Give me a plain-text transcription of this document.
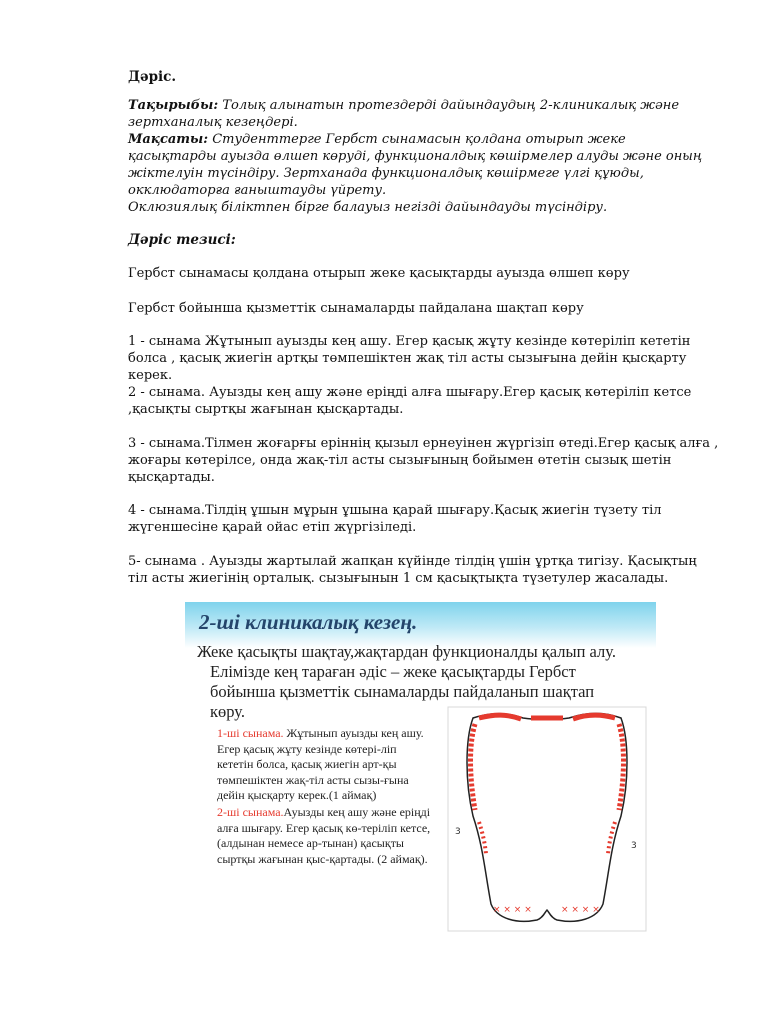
Дәріс.

Тақырыбы: Толық алынатын протездерді дайындаудың 2-клиникалық және зертханалық кезеңдері.

Мақсаты: Студенттерге Гербст сынамасын қолдана отырып жеке қасықтарды ауызда өлшеп көруді, функционалдық көшірмелер алуды және оның жіктелуін түсіндіру. Зертханада функционалдық көшірмеге үлгі құюды, окклюдаторға ғаныштауды үйрету.

Оклюзиялық біліктпен бірге балауыз негізді дайындауды түсіндіру.

Дәріс тезисі:

Гербст сынамасы қолдана отырып жеке қасықтарды ауызда өлшеп көру

Гербст бойынша қызметтік сынамаларды пайдалана шақтап көру

1 - сынама Жұтынып ауызды кең ашу. Егер қасық жұту кезінде көтеріліп кететін болса , қасық жиегін артқы төмпешіктен жақ тіл асты сызығына дейін қысқарту керек.

2 - сынама. Ауызды кең ашу және еріңді алға шығару.Егер қасық көтеріліп кетсе ,қасықты сыртқы жағынан қысқартады.

3 - сынама.Тілмен жоғарғы еріннің қызыл ернеуінен жүргізіп өтеді.Егер қасық алға , жоғары көтерілсе, онда жақ-тіл асты сызығының бойымен өтетін сызық шетін қысқартады.

4 - сынама.Тілдің ұшын мұрын ұшына қарай шығару.Қасық жиегін түзету тіл жүгеншесіне қарай ойас етіп жүргізіледі.

5- сынама . Ауызды жартылай жапқан күйінде тілдің үшін ұртқа тигізу. Қасықтың тіл асты жиегінің орталық. сызығынын 1 см қасықтықта түзетулер жасалады.

2-ші клиникалық кезең.

Жеке қасықты шақтау,жақтардан функционалды қалып алу.

Елімізде кең тараған әдіс – жеке қасықтарды Гербст

бойынша қызметтік сынамаларды пайдаланып шақтап

көру.

1-ші сынама. Жұтынып ауызды кең ашу. Егер қасық жұту кезінде көтері-ліп кететін болса, қасық жиегін арт-қы төмпешіктен жақ-тіл асты сызы-ғына дейін қысқарту керек.(1 аймақ)

2-ші сынама.Ауызды кең ашу және еріңді алға шығару. Егер қасық кө-теріліп кетсе, (алдынан немесе ар-тынан) қасықты сыртқы жағынан қыс-қартады. (2 аймақ).

× × × ×	× × × ×
3
3
